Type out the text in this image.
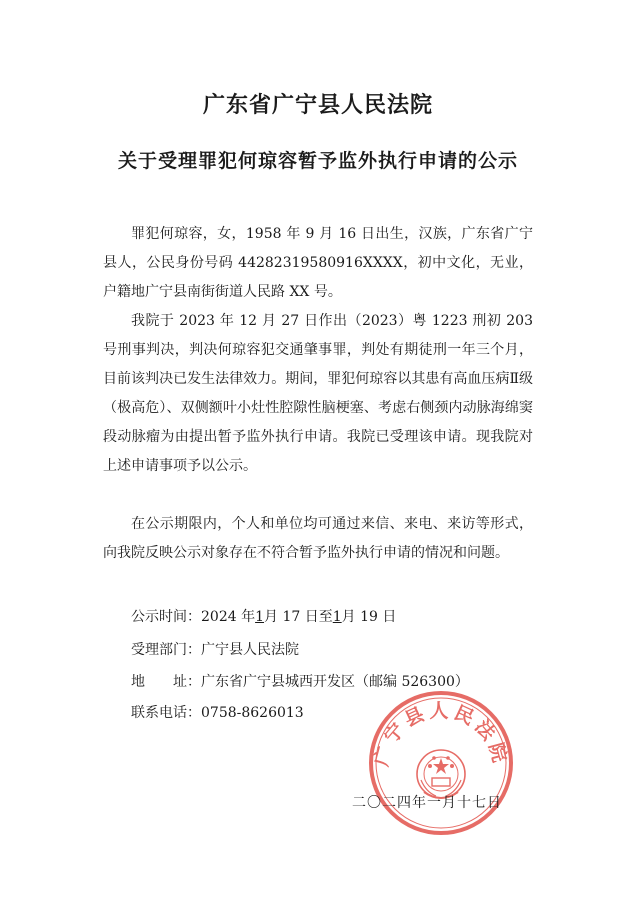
广东省广宁县人民法院
关于受理罪犯何琼容暂予监外执行申请的公示

罪犯何琼容，女，1958 年 9 月 16 日出生，汉族，广东省广宁县人，公民身份号码 44282319580916XXXX，初中文化，无业，户籍地广宁县南街街道人民路 XX 号。

我院于 2023 年 12 月 27 日作出（2023）粤 1223 刑初 203 号刑事判决，判决何琼容犯交通肇事罪，判处有期徒刑一年三个月，目前该判决已发生法律效力。期间，罪犯何琼容以其患有高血压病Ⅱ级（极高危）、双侧额叶小灶性腔隙性脑梗塞、考虑右侧颈内动脉海绵窦段动脉瘤为由提出暂予监外执行申请。我院已受理该申请。现我院对上述申请事项予以公示。

在公示期限内，个人和单位均可通过来信、来电、来访等形式，向我院反映公示对象存在不符合暂予监外执行申请的情况和问题。

公示时间：2024 年1月 17 日至1月 19 日
受理部门：广宁县人民法院
地　　址：广东省广宁县城西开发区（邮编 526300）
联系电话：0758-8626013
广宁县人民法院
二〇二四年一月十七日
